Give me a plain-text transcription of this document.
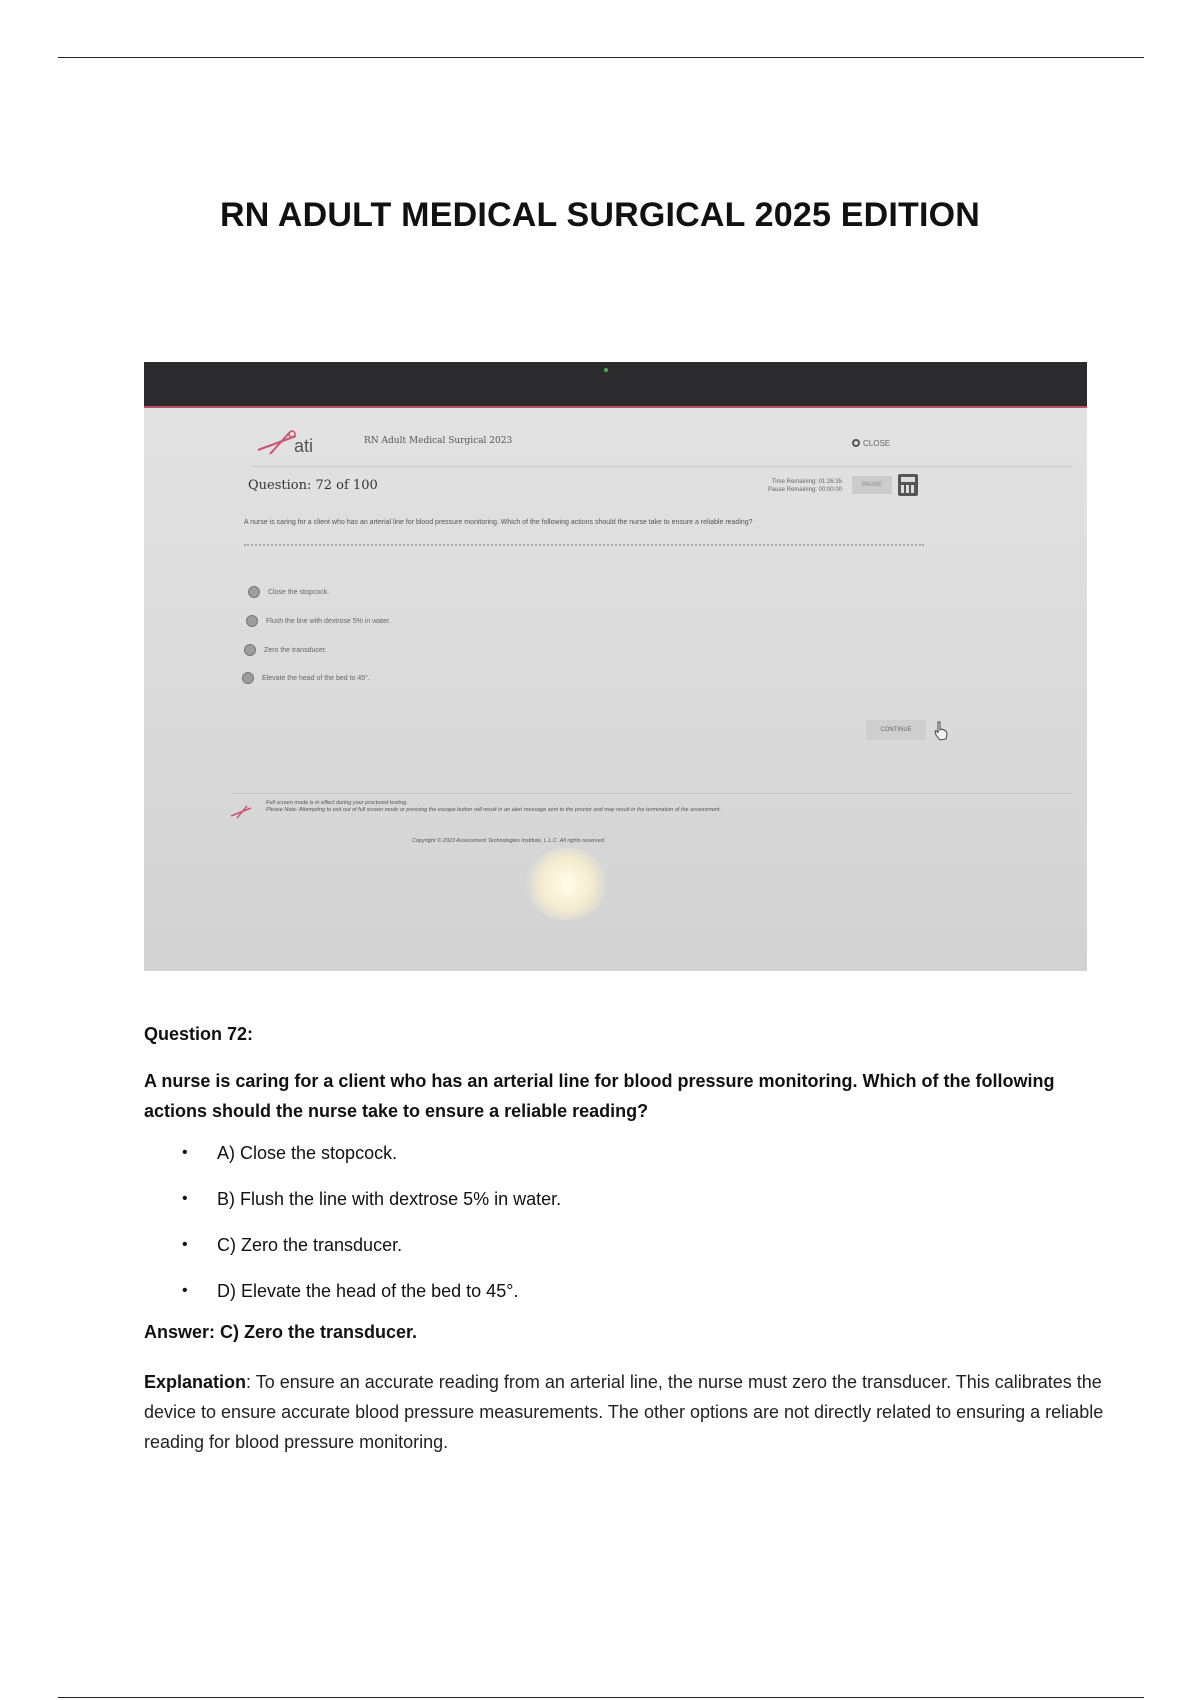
RN ADULT MEDICAL SURGICAL 2025 EDITION
ati	RN Adult Medical Surgical 2023	CLOSE
Question: 72 of 100	Time Remaining: 01:26:35
Pause Remaining: 00:00:00
PAUSE
A nurse is caring for a client who has an arterial line for blood pressure monitoring. Which of the following actions should the nurse take to ensure a reliable reading?
Close the stopcock.
Flush the line with dextrose 5% in water.
Zero the transducer.
Elevate the head of the bed to 45°.
CONTINUE
Full screen mode is in effect during your proctored testing.
Please Note: Attempting to exit out of full screen mode or pressing the escape button will result in an alert message sent to the proctor and may result in the termination of the assessment.
Copyright © 2023 Assessment Technologies Institute, L.L.C. All rights reserved.
Question 72:
A nurse is caring for a client who has an arterial line for blood pressure monitoring. Which of the following actions should the nurse take to ensure a reliable reading?
• A) Close the stopcock.
• B) Flush the line with dextrose 5% in water.
• C) Zero the transducer.
• D) Elevate the head of the bed to 45°.
Answer: C) Zero the transducer.
Explanation: To ensure an accurate reading from an arterial line, the nurse must zero the transducer. This calibrates the device to ensure accurate blood pressure measurements. The other options are not directly related to ensuring a reliable reading for blood pressure monitoring.
